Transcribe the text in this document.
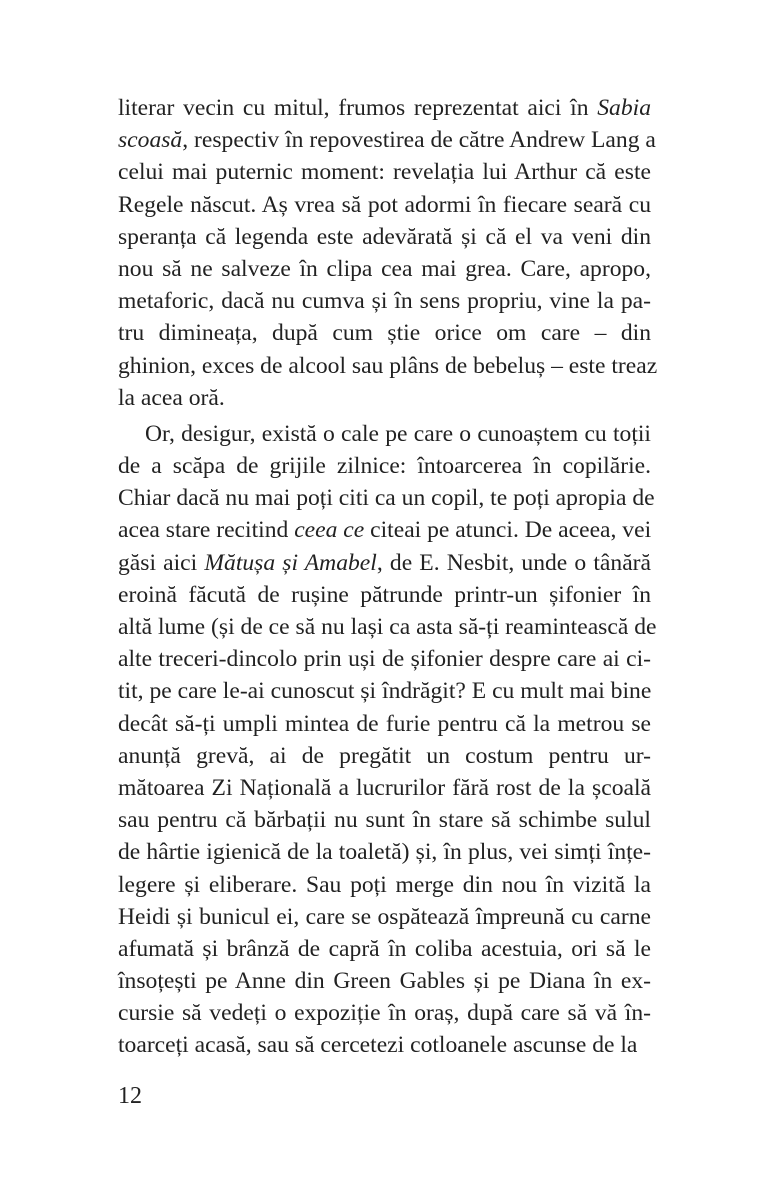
literar vecin cu mitul, frumos reprezentat aici în Sabia
scoasă, respectiv în repovestirea de către Andrew Lang a
celui mai puternic moment: revelația lui Arthur că este
Regele născut. Aș vrea să pot adormi în fiecare seară cu
speranța că legenda este adevărată și că el va veni din
nou să ne salveze în clipa cea mai grea. Care, apropo,
metaforic, dacă nu cumva și în sens propriu, vine la pa-
tru dimineața, după cum știe orice om care – din
ghinion, exces de alcool sau plâns de bebeluș – este treaz
la acea oră.
Or, desigur, există o cale pe care o cunoaștem cu toții
de a scăpa de grijile zilnice: întoarcerea în copilărie.
Chiar dacă nu mai poți citi ca un copil, te poți apropia de
acea stare recitind ceea ce citeai pe atunci. De aceea, vei
găsi aici Mătușa și Amabel, de E. Nesbit, unde o tânără
eroină făcută de rușine pătrunde printr-un șifonier în
altă lume (și de ce să nu lași ca asta să-ți reamintească de
alte treceri-dincolo prin uși de șifonier despre care ai ci-
tit, pe care le-ai cunoscut și îndrăgit? E cu mult mai bine
decât să-ți umpli mintea de furie pentru că la metrou se
anunță grevă, ai de pregătit un costum pentru ur-
mătoarea Zi Națională a lucrurilor fără rost de la școală
sau pentru că bărbații nu sunt în stare să schimbe sulul
de hârtie igienică de la toaletă) și, în plus, vei simți înțe-
legere și eliberare. Sau poți merge din nou în vizită la
Heidi și bunicul ei, care se ospătează împreună cu carne
afumată și brânză de capră în coliba acestuia, ori să le
însoțești pe Anne din Green Gables și pe Diana în ex-
cursie să vedeți o expoziție în oraș, după care să vă în-
toarceți acasă, sau să cercetezi cotloanele ascunse de la
12
